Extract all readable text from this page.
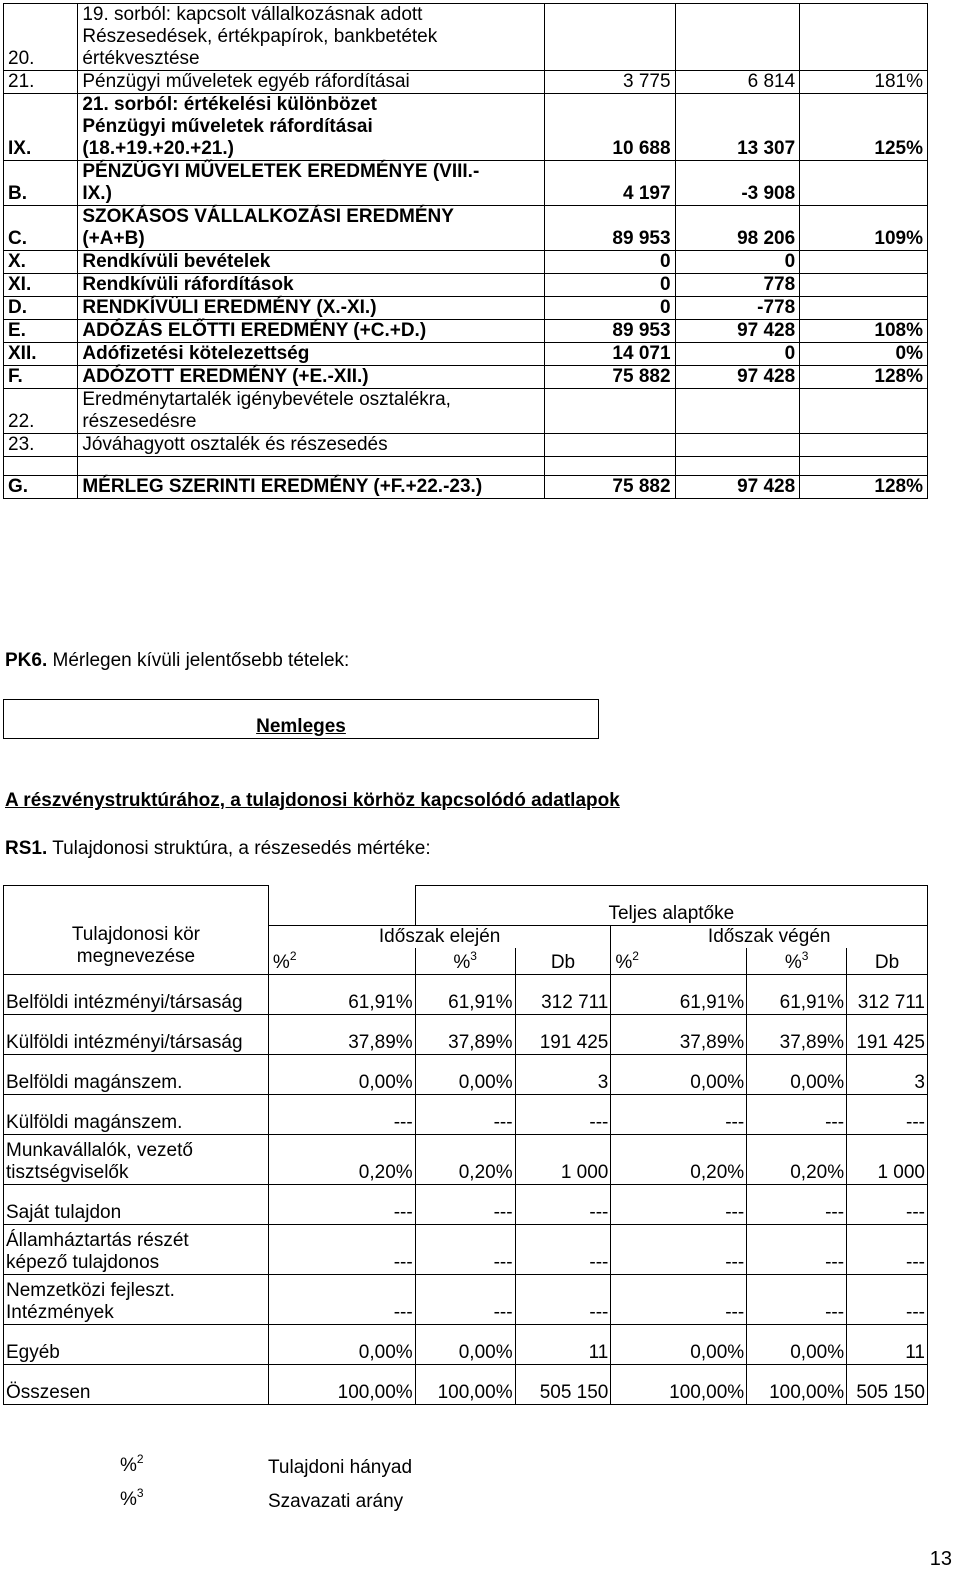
20.	19. sorból: kapcsolt vállalkozásnak adott
Részesedések, értékpapírok, bankbetétek
értékvesztése			

21.	Pénzügyi műveletek egyéb ráfordításai	3 775	6 814	181%
IX.	21. sorból: értékelési különbözet
Pénzügyi műveletek ráfordításai
(18.+19.+20.+21.)	10 688	13 307	125%
B.	PÉNZÜGYI MŰVELETEK EREDMÉNYE (VIII.-
IX.)	4 197	-3 908	
C.	SZOKÁSOS VÁLLALKOZÁSI EREDMÉNY
(+A+B)	89 953	98 206	109%
X.	Rendkívüli bevételek	0	0	
XI.	Rendkívüli ráfordítások	0	778	
D.	RENDKÍVÜLI EREDMÉNY (X.-XI.)	0	-778	
E.	ADÓZÁS ELŐTTI EREDMÉNY (+C.+D.)	89 953	97 428	108%
XII.	Adófizetési kötelezettség	14 071	0	0%
F.	ADÓZOTT EREDMÉNY (+E.-XII.)	75 882	97 428	128%
22.	Eredménytartalék igénybevétele osztalékra,
részesedésre			

23.	Jóváhagyott osztalék és részesedés			

G.	MÉRLEG SZERINTI EREDMÉNY (+F.+22.-23.)	75 882	97 428	128%
PK6. Mérlegen kívüli jelentősebb tételek:
Nemleges
A részvénystruktúrához, a tulajdonosi körhöz kapcsolódó adatlapok
RS1. Tulajdonosi struktúra, a részesedés mértéke:
Tulajdonosi kör
megnevezése		Teljes alaptőke				
	Időszak elején			Időszak végén		
	%$^2$	%$^3$	Db	%$^2$	%$^3$	Db

Belföldi intézményi/társaság	61,91%	61,91%	312 711	61,91%	61,91%	312 711

Külföldi intézményi/társaság	37,89%	37,89%	191 425	37,89%	37,89%	191 425

Belföldi magánszem.	0,00%	0,00%	3	0,00%	0,00%	3

Külföldi magánszem.	---	---	---	---	---	---

Munkavállalók, vezető
tisztségviselők	0,20%	0,20%	1 000	0,20%	0,20%	1 000

Saját tulajdon	---	---	---	---	---	---

Államháztartás részét
képező tulajdonos	---	---	---	---	---	---

Nemzetközi fejleszt.
Intézmények	---	---	---	---	---	---

Egyéb	0,00%	0,00%	11	0,00%	0,00%	11

Összesen	100,00%	100,00%	505 150	100,00%	100,00%	505 150
%$^2$	Tulajdoni hányad
%$^3$	Szavazati arány
13
